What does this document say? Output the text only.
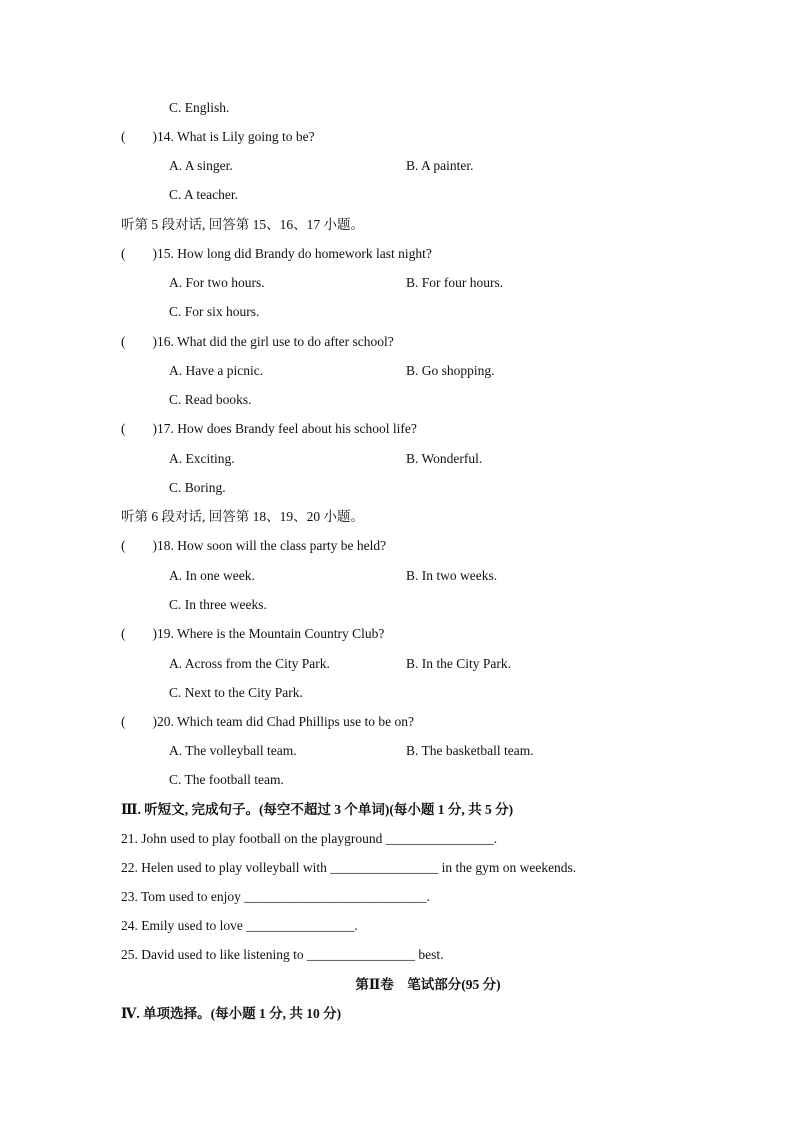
C. English.
(        )14. What is Lily going to be?
A. A singer.	B. A painter.
C. A teacher.
听第 5 段对话, 回答第 15、16、17 小题。
(        )15. How long did Brandy do homework last night?
A. For two hours.	B. For four hours.
C. For six hours.
(        )16. What did the girl use to do after school?
A. Have a picnic.	B. Go shopping.
C. Read books.
(        )17. How does Brandy feel about his school life?
A. Exciting.	B. Wonderful.
C. Boring.
听第 6 段对话, 回答第 18、19、20 小题。
(        )18. How soon will the class party be held?
A. In one week.	B. In two weeks.
C. In three weeks.
(        )19. Where is the Mountain Country Club?
A. Across from the City Park.	B. In the City Park.
C. Next to the City Park.
(        )20. Which team did Chad Phillips use to be on?
A. The volleyball team.	B. The basketball team.
C. The football team.
Ⅲ. 听短文, 完成句子。(每空不超过 3 个单词)(每小题 1 分, 共 5 分)
21. John used to play football on the playground ________________.
22. Helen used to play volleyball with ________________ in the gym on weekends.
23. Tom used to enjoy ___________________________.
24. Emily used to love ________________.
25. David used to like listening to ________________ best.
第Ⅱ卷    笔试部分(95 分)
Ⅳ. 单项选择。(每小题 1 分, 共 10 分)
